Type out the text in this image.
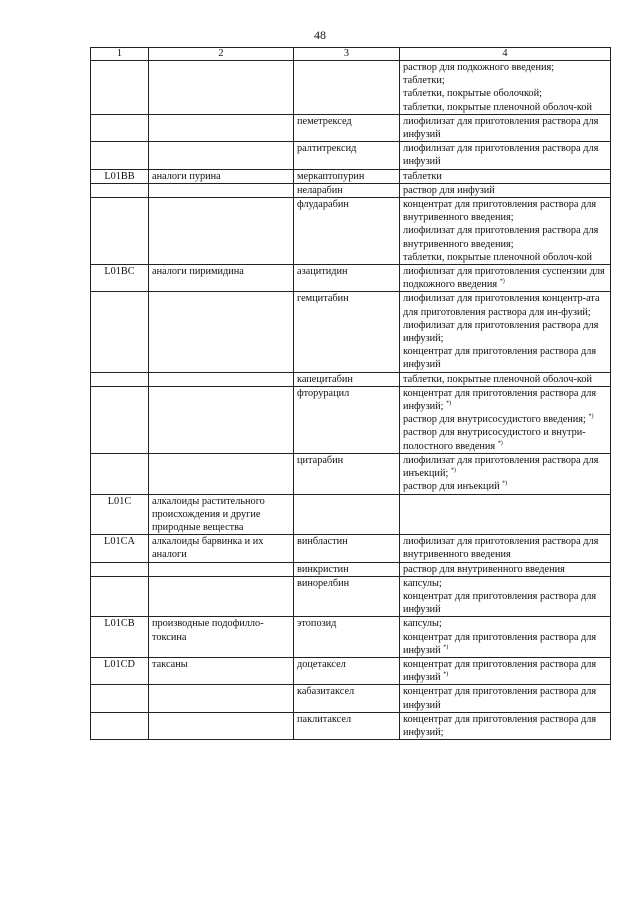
48
1	2	3	4

			раствор для подкожного введения;
таблетки;
таблетки, покрытые оболочкой;
таблетки, покрытые пленочной оболоч-кой

		пеметрексед	лиофилизат для приготовления раствора для инфузий

		ралтитрексид	лиофилизат для приготовления раствора для инфузий

L01BB	аналоги пурина	меркаптопурин	таблетки

		неларабин	раствор для инфузий

		флударабин	концентрат для приготовления раствора для внутривенного введения;
лиофилизат для приготовления раствора для внутривенного введения;
таблетки, покрытые пленочной оболоч-кой

L01BC	аналоги пиримидина	азацитидин	лиофилизат для приготовления суспензии для подкожного введения *)

		гемцитабин	лиофилизат для приготовления концентр-ата для приготовления раствора для ин-фузий;
лиофилизат для приготовления раствора для инфузий;
концентрат для приготовления раствора для инфузий

		капецитабин	таблетки, покрытые пленочной оболоч-кой

		фторурацил	концентрат для приготовления раствора для инфузий; *)
раствор для внутрисосудистого введения; *)
раствор для внутрисосудистого и внутри-полостного введения *)

		цитарабин	лиофилизат для приготовления раствора для инъекций; *)
раствор для инъекций *)

L01C	алкалоиды растительного происхождения и другие природные вещества		
L01CA	алкалоиды барвинка и их аналоги	винбластин	лиофилизат для приготовления раствора для внутривенного введения

		винкристин	раствор для внутривенного введения

		винорелбин	капсулы;
концентрат для приготовления раствора для инфузий

L01CB	производные подофилло-токсина	этопозид	капсулы;
концентрат для приготовления раствора для инфузий *)

L01CD	таксаны	доцетаксел	концентрат для приготовления раствора для инфузий *)

		кабазитаксел	концентрат для приготовления раствора для инфузий

		паклитаксел	концентрат для приготовления раствора для инфузий;
